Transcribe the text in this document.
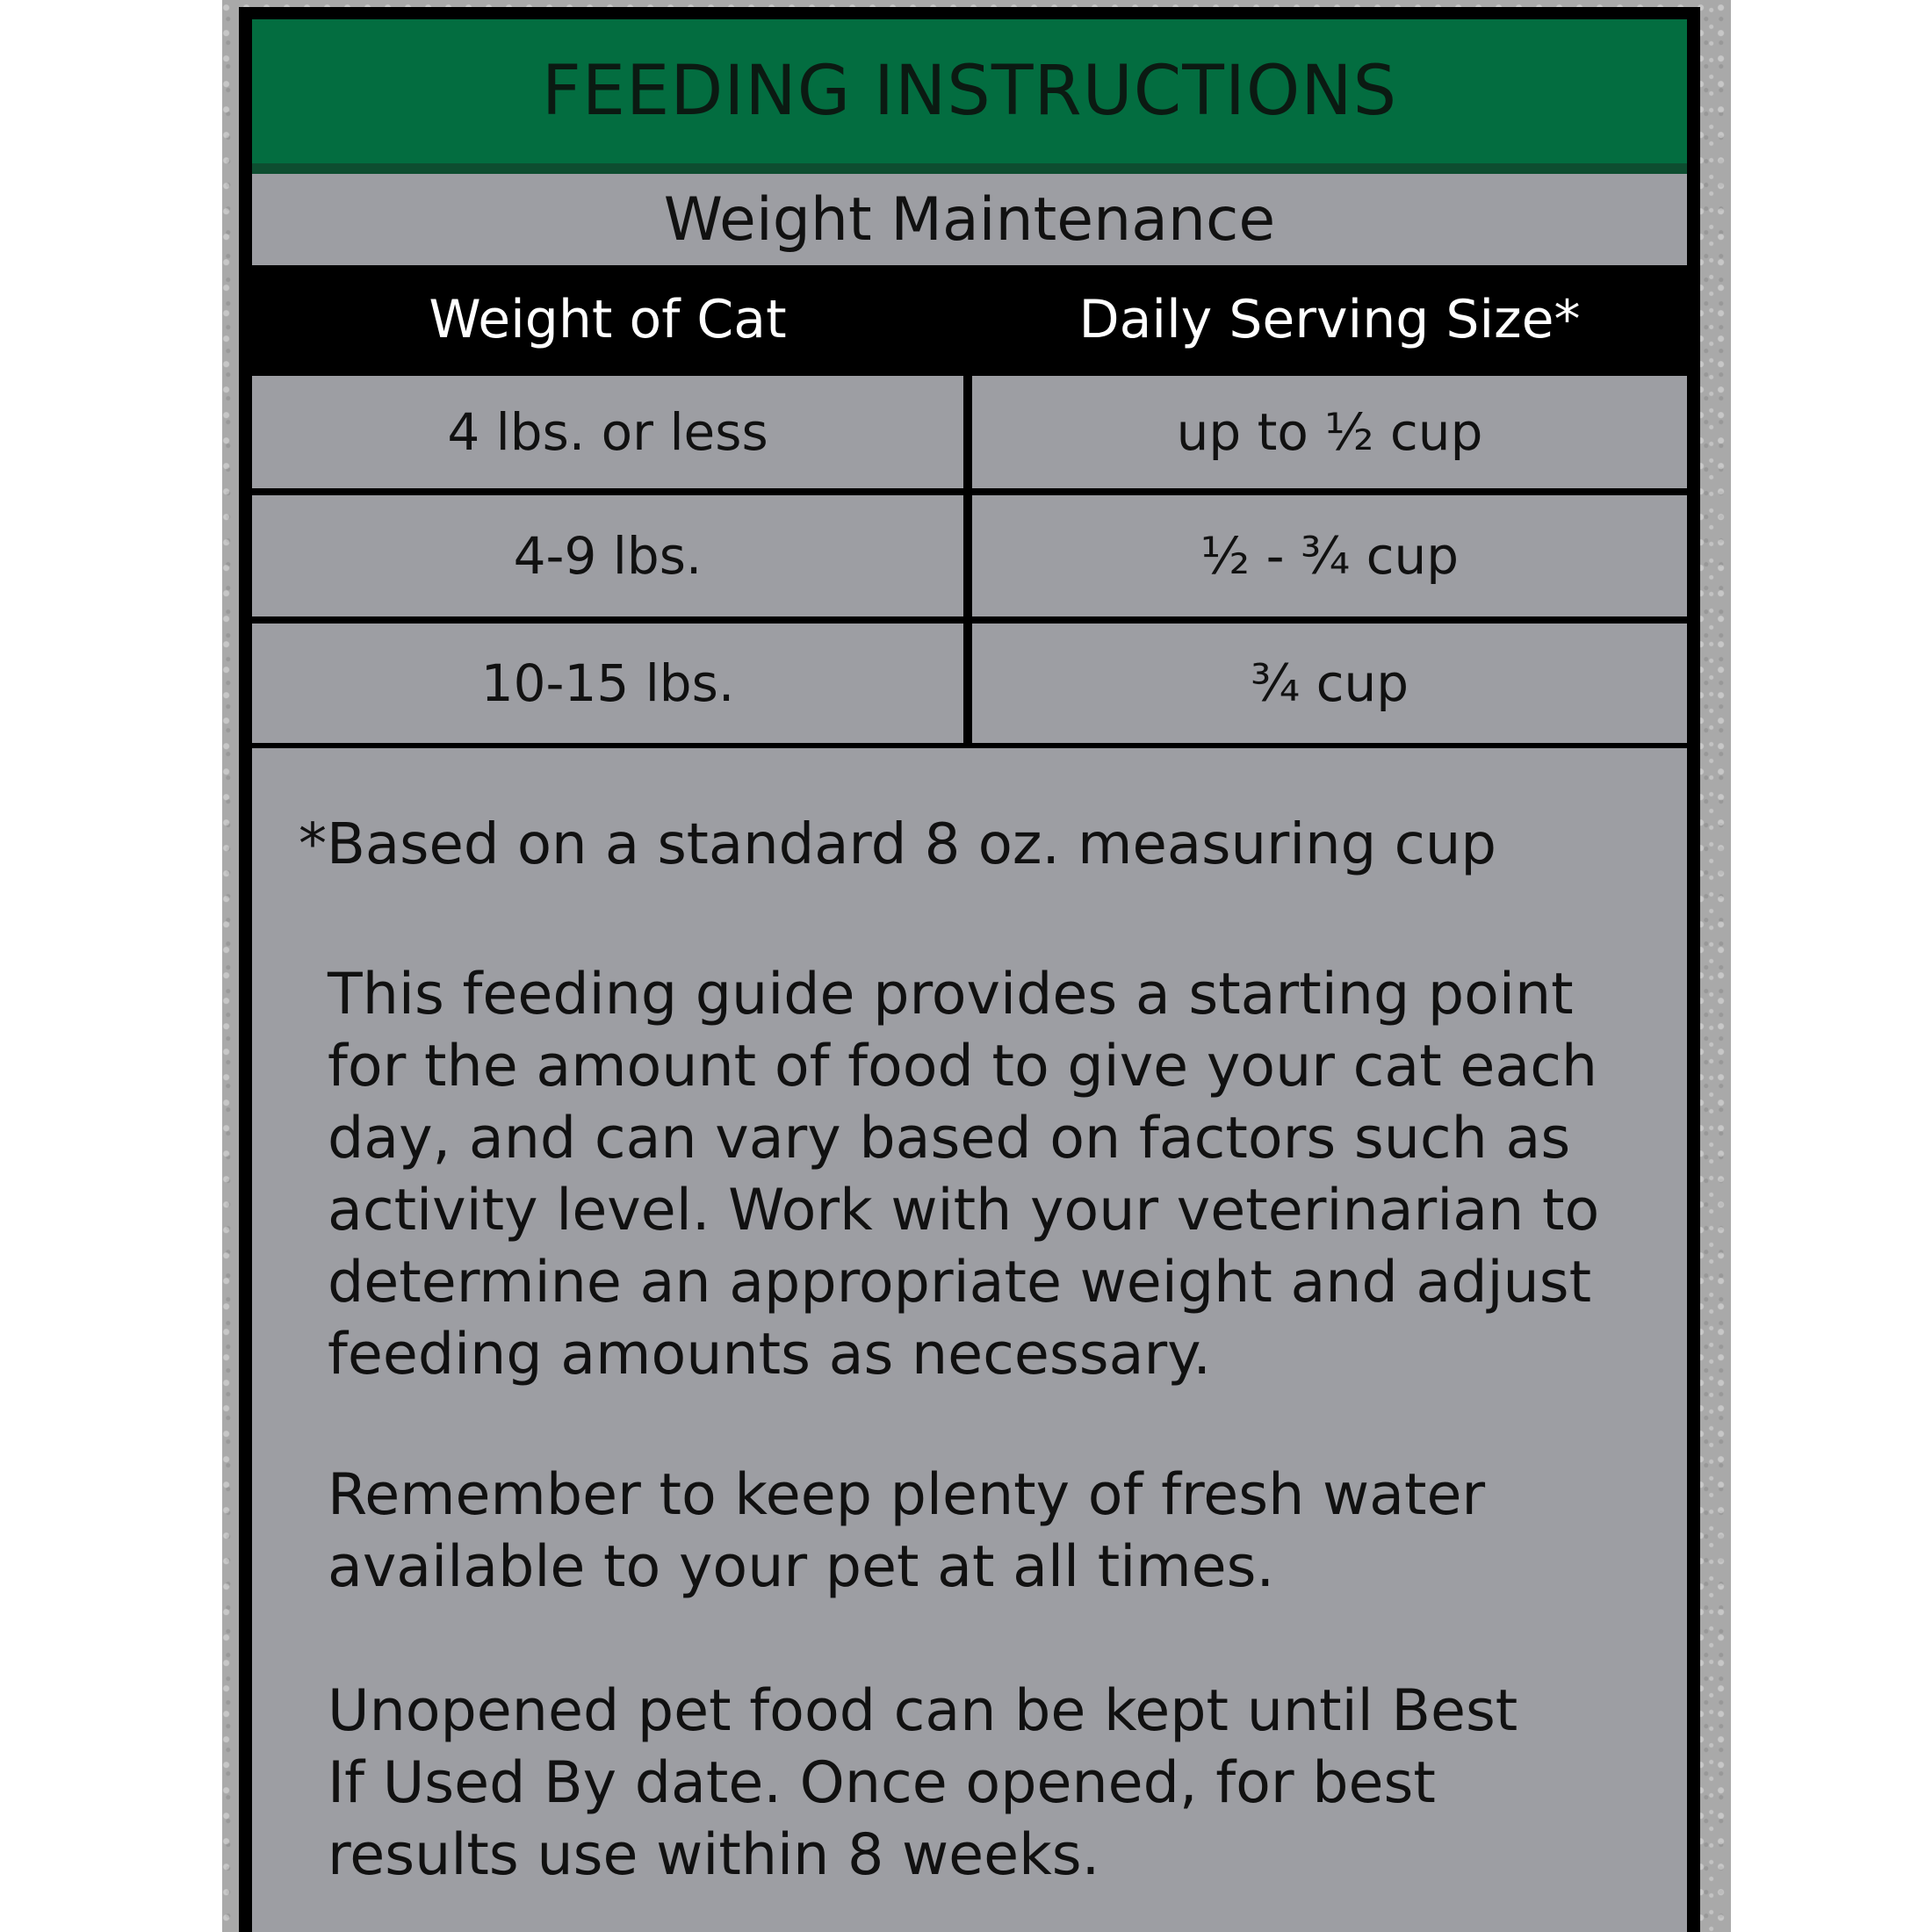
FEEDING INSTRUCTIONS
Weight Maintenance
Weight of Cat	Daily Serving Size*
4 lbs. or less	up to ½ cup
4-9 lbs.	½ - ¾ cup
10-15 lbs.	¾ cup
*Based on a standard 8 oz. measuring cup
This feeding guide provides a starting point
for the amount of food to give your cat each
day, and can vary based on factors such as
activity level. Work with your veterinarian to
determine an appropriate weight and adjust
feeding amounts as necessary.
Remember to keep plenty of fresh water
available to your pet at all times.
Unopened pet food can be kept until Best
If Used By date. Once opened, for best
results use within 8 weeks.
